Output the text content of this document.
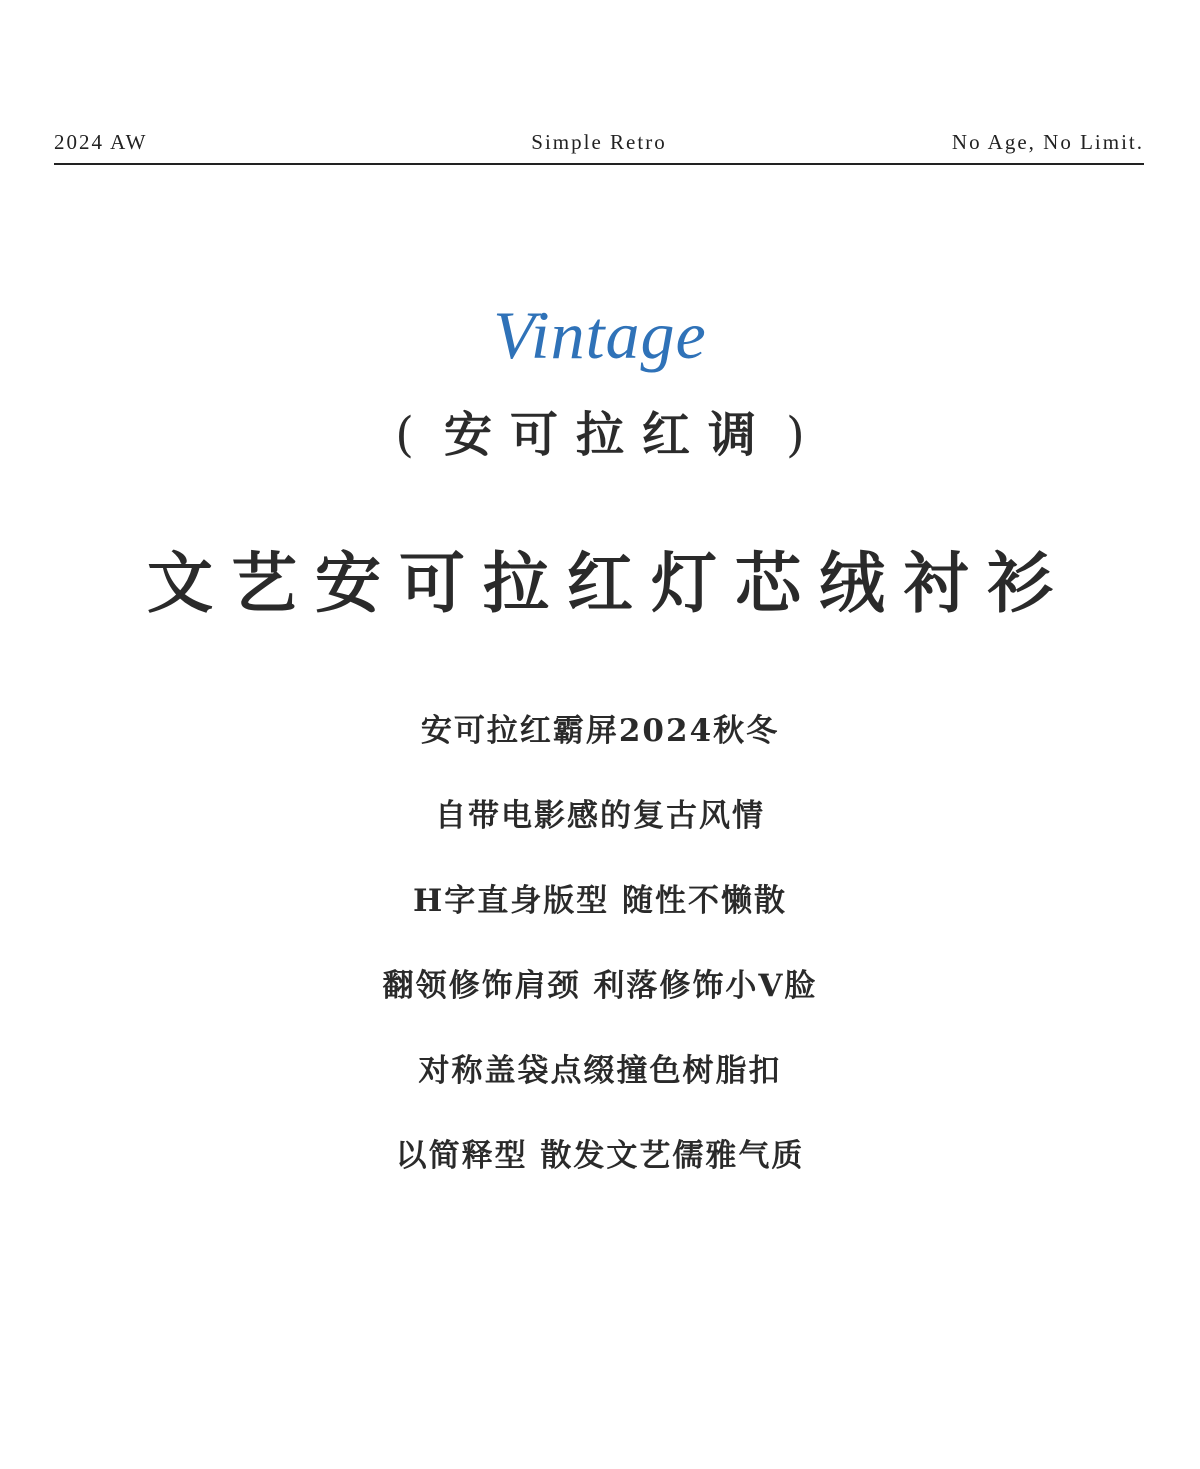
2024 AW	Simple Retro	No Age, No Limit.
Vintage
( 安可拉红调 )
文艺安可拉红灯芯绒衬衫
安可拉红霸屏2024秋冬
自带电影感的复古风情
H字直身版型 随性不懒散
翻领修饰肩颈 利落修饰小V脸
对称盖袋点缀撞色树脂扣
以简释型 散发文艺儒雅气质
